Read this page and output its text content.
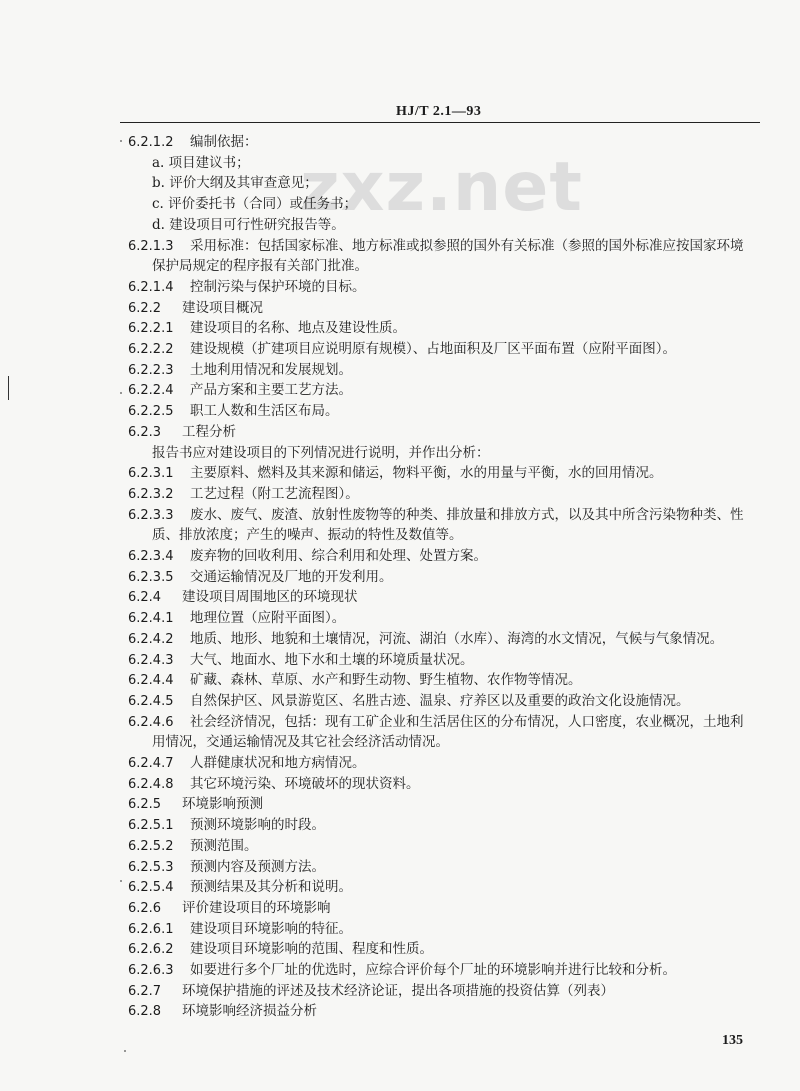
HJ/T 2.1—93
zxz.net
6.2.1.2 编制依据：
a. 项目建议书；
b. 评价大纲及其审查意见；
c. 评价委托书（合同）或任务书；
d. 建设项目可行性研究报告等。
6.2.1.3 采用标准：包括国家标准、地方标准或拟参照的国外有关标准（参照的国外标准应按国家环境
保护局规定的程序报有关部门批准。
6.2.1.4 控制污染与保护环境的目标。
6.2.2 建设项目概况
6.2.2.1 建设项目的名称、地点及建设性质。
6.2.2.2 建设规模（扩建项目应说明原有规模）、占地面积及厂区平面布置（应附平面图）。
6.2.2.3 土地利用情况和发展规划。
6.2.2.4 产品方案和主要工艺方法。
6.2.2.5 职工人数和生活区布局。
6.2.3 工程分析
报告书应对建设项目的下列情况进行说明，并作出分析：
6.2.3.1 主要原料、燃料及其来源和储运，物料平衡，水的用量与平衡，水的回用情况。
6.2.3.2 工艺过程（附工艺流程图）。
6.2.3.3 废水、废气、废渣、放射性废物等的种类、排放量和排放方式，以及其中所含污染物种类、性
质、排放浓度；产生的噪声、振动的特性及数值等。
6.2.3.4 废弃物的回收利用、综合利用和处理、处置方案。
6.2.3.5 交通运输情况及厂地的开发利用。
6.2.4 建设项目周围地区的环境现状
6.2.4.1 地理位置（应附平面图）。
6.2.4.2 地质、地形、地貌和土壤情况，河流、湖泊（水库）、海湾的水文情况，气候与气象情况。
6.2.4.3 大气、地面水、地下水和土壤的环境质量状况。
6.2.4.4 矿藏、森林、草原、水产和野生动物、野生植物、农作物等情况。
6.2.4.5 自然保护区、风景游览区、名胜古迹、温泉、疗养区以及重要的政治文化设施情况。
6.2.4.6 社会经济情况，包括：现有工矿企业和生活居住区的分布情况，人口密度，农业概况，土地利
用情况，交通运输情况及其它社会经济活动情况。
6.2.4.7 人群健康状况和地方病情况。
6.2.4.8 其它环境污染、环境破坏的现状资料。
6.2.5 环境影响预测
6.2.5.1 预测环境影响的时段。
6.2.5.2 预测范围。
6.2.5.3 预测内容及预测方法。
6.2.5.4 预测结果及其分析和说明。
6.2.6 评价建设项目的环境影响
6.2.6.1 建设项目环境影响的特征。
6.2.6.2 建设项目环境影响的范围、程度和性质。
6.2.6.3 如要进行多个厂址的优选时，应综合评价每个厂址的环境影响并进行比较和分析。
6.2.7 环境保护措施的评述及技术经济论证，提出各项措施的投资估算（列表）
6.2.8 环境影响经济损益分析
135
